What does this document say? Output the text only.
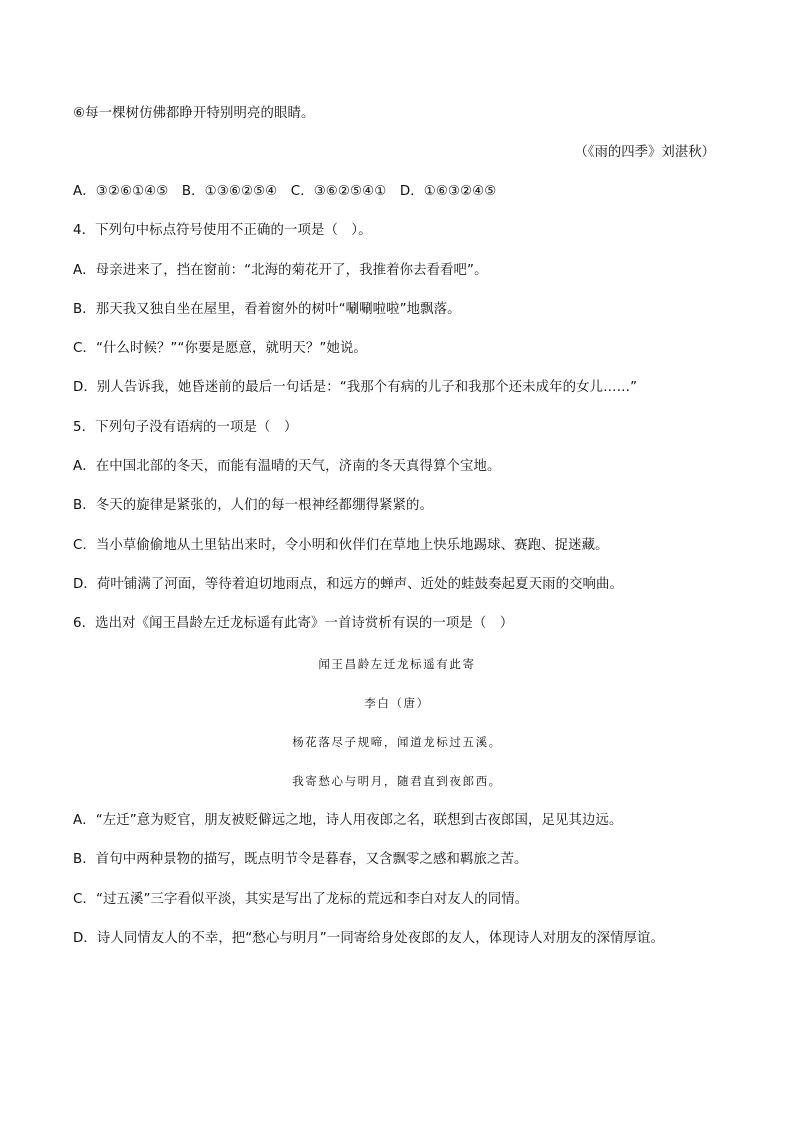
⑥每一棵树仿佛都睁开特别明亮的眼睛。
（《雨的四季》刘湛秋）
A．③②⑥①④⑤　B．①③⑥②⑤④　C．③⑥②⑤④①　D．①⑥③②④⑤
4．下列句中标点符号使用不正确的一项是（　）。
A．母亲进来了，挡在窗前：“北海的菊花开了，我推着你去看看吧”。
B．那天我又独自坐在屋里，看着窗外的树叶“唰唰啦啦”地飘落。
C．“什么时候？”“你要是愿意，就明天？”她说。
D．别人告诉我，她昏迷前的最后一句话是：“我那个有病的儿子和我那个还未成年的女儿……”
5．下列句子没有语病的一项是（　）
A．在中国北部的冬天，而能有温晴的天气，济南的冬天真得算个宝地。
B．冬天的旋律是紧张的，人们的每一根神经都绷得紧紧的。
C．当小草偷偷地从土里钻出来时，令小明和伙伴们在草地上快乐地踢球、赛跑、捉迷藏。
D．荷叶铺满了河面，等待着迫切地雨点，和远方的蝉声、近处的蛙鼓奏起夏天雨的交响曲。
6．选出对《闻王昌龄左迁龙标遥有此寄》一首诗赏析有误的一项是（　）
闻王昌龄左迁龙标遥有此寄
李白（唐）
杨花落尽子规啼，闻道龙标过五溪。
我寄愁心与明月，随君直到夜郎西。
A．“左迁”意为贬官，朋友被贬僻远之地，诗人用夜郎之名，联想到古夜郎国，足见其边远。
B．首句中两种景物的描写，既点明节令是暮春，又含飘零之感和羁旅之苦。
C．“过五溪”三字看似平淡，其实是写出了龙标的荒远和李白对友人的同情。
D．诗人同情友人的不幸，把“愁心与明月”一同寄给身处夜郎的友人，体现诗人对朋友的深情厚谊。
